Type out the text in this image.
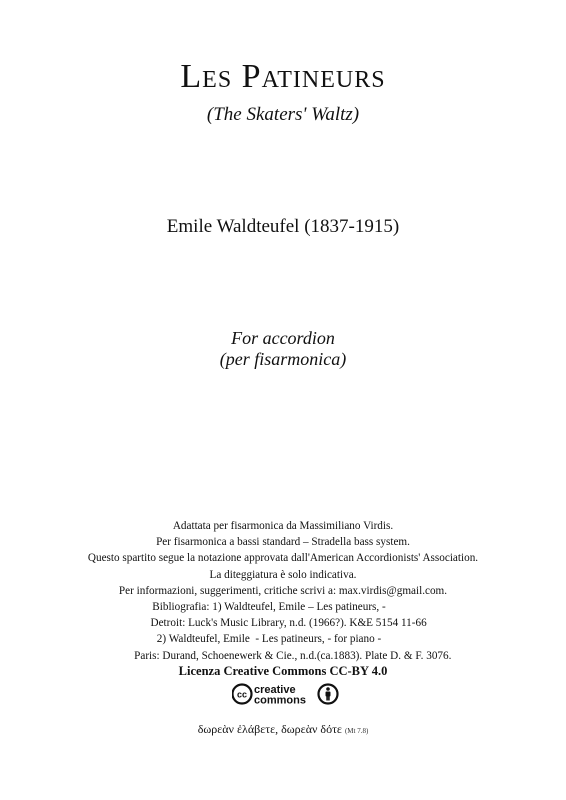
Les Patineurs
(The Skaters' Waltz)
Emile Waldteufel (1837-1915)
For accordion
(per fisarmonica)
Adattata per fisarmonica da Massimiliano Virdis.
Per fisarmonica a bassi standard – Stradella bass system.
Questo spartito segue la notazione approvata dall'American Accordionists' Association.
La diteggiatura è solo indicativa.
Per informazioni, suggerimenti, critiche scrivi a: max.virdis@gmail.com.
Bibliografia: 1) Waldteufel, Emile – Les patineurs, -
Detroit: Luck's Music Library, n.d. (1966?). K&E 5154 11-66
2) Waldteufel, Emile  - Les patineurs, - for piano -
Paris: Durand, Schoenewerk & Cie., n.d.(ca.1883). Plate D. & F. 3076.
Licenza Creative Commons CC-BY 4.0
cc creative
commons
δωρεὰν ἐλάβετε, δωρεὰν δότε (Mt 7.8)
